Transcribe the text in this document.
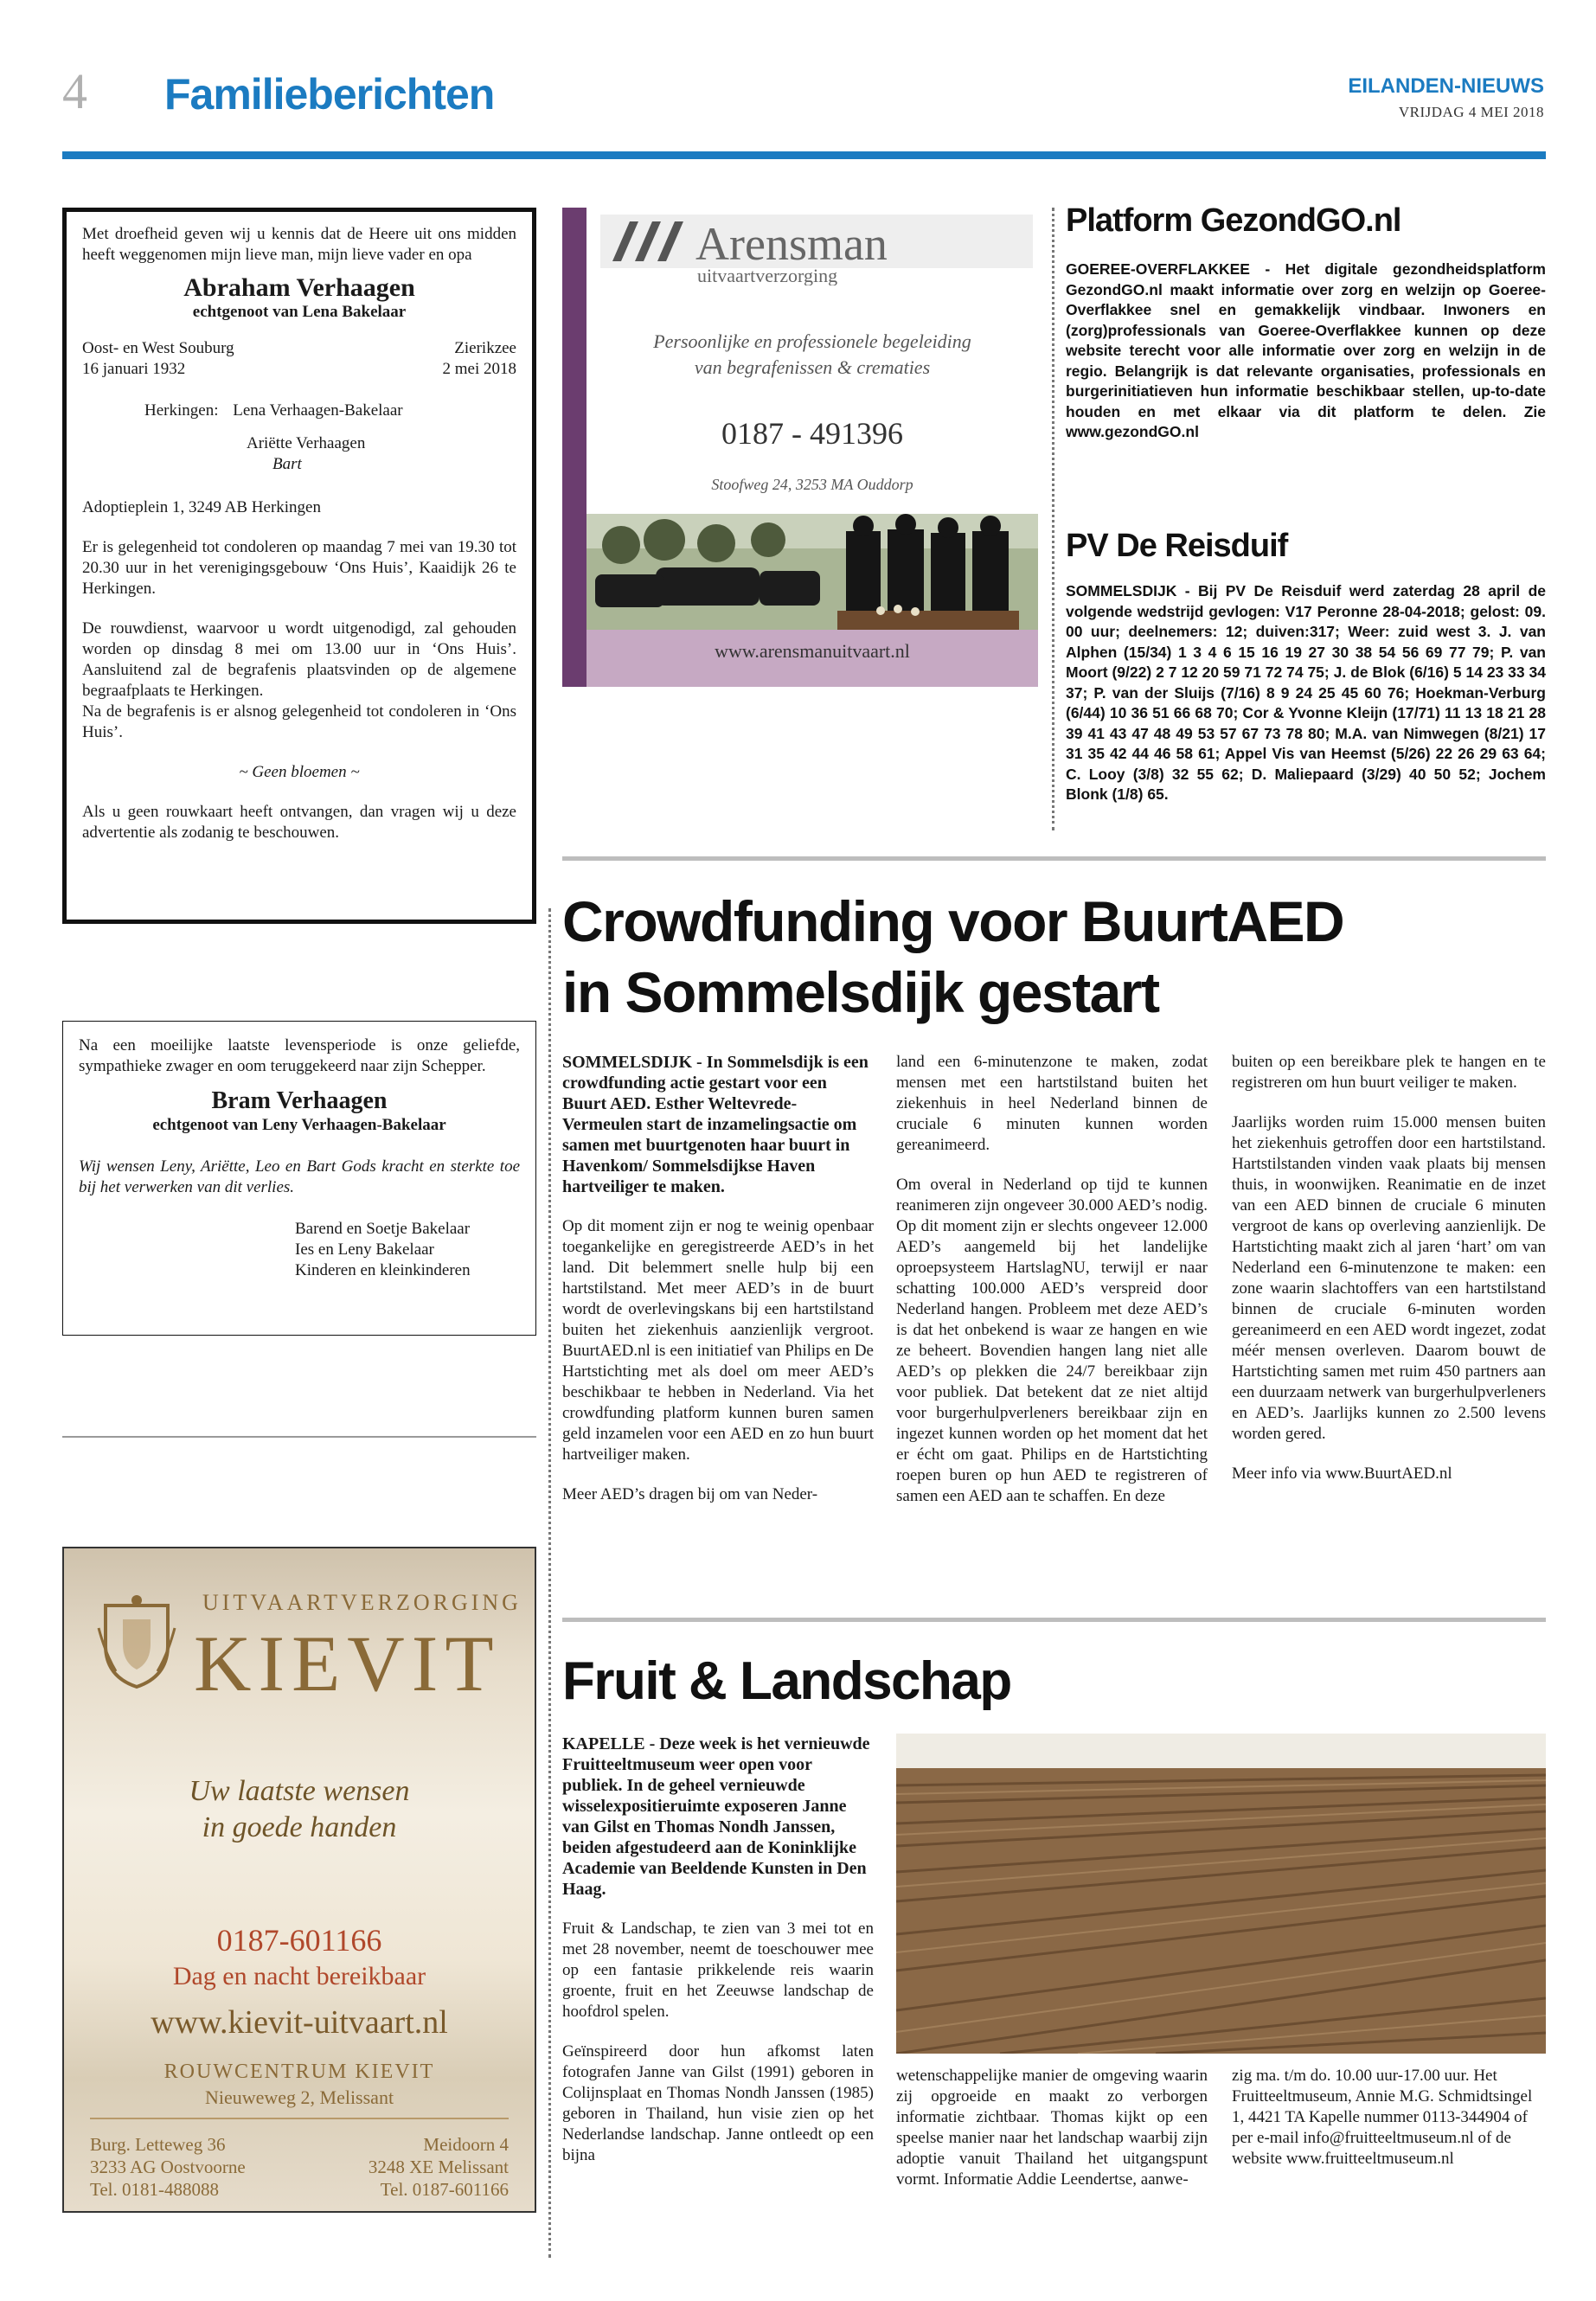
4 Familieberichten	EILANDEN-NIEUWS
VRIJDAG 4 MEI 2018

Met droefheid geven wij u kennis dat de Heere uit ons midden heeft weggenomen mijn lieve man, mijn lieve vader en opa

Abraham Verhaagen
echtgenoot van Lena Bakelaar
Oost- en West Souburg	Zierikzee
16 januari 1932	2 mei 2018
Herkingen: Lena Verhaagen-Bakelaar
Ariëtte Verhaagen
Bart

Adoptieplein 1, 3249 AB Herkingen

Er is gelegenheid tot condoleren op maandag 7 mei van 19.30 tot 20.30 uur in het verenigingsgebouw ‘Ons Huis’, Kaaidijk 26 te Herkingen.

De rouwdienst, waarvoor u wordt uitgenodigd, zal gehouden worden op dinsdag 8 mei om 13.00 uur in ‘Ons Huis’. Aansluitend zal de begrafenis plaatsvinden op de algemene begraafplaats te Herkingen.

Na de begrafenis is er alsnog gelegenheid tot condoleren in ‘Ons Huis’.

~ Geen bloemen ~

Als u geen rouwkaart heeft ontvangen, dan vragen wij u deze advertentie als zodanig te beschouwen.

Na een moeilijke laatste levensperiode is onze geliefde, sympathieke zwager en oom teruggekeerd naar zijn Schepper.

Bram Verhaagen
echtgenoot van Leny Verhaagen-Bakelaar

Wij wensen Leny, Ariëtte, Leo en Bart Gods kracht en sterkte toe bij het verwerken van dit verlies.

Barend en Soetje Bakelaar
Ies en Leny Bakelaar
Kinderen en kleinkinderen
UITVAARTVERZORGING
KIEVIT
Uw laatste wensen
in goede handen
0187-601166
Dag en nacht bereikbaar
www.kievit-uitvaart.nl
ROUWCENTRUM KIEVIT
Nieuweweg 2, Melissant
Burg. Letteweg 36
3233 AG Oostvoorne
Tel. 0181-488088
Meidoorn 4
3248 XE Melissant
Tel. 0187-601166
Arensman
uitvaartverzorging
Persoonlijke en professionele begeleiding
van begrafenissen & crematies
0187 - 491396
Stoofweg 24, 3253 MA Ouddorp
www.arensmanuitvaart.nl
Platform GezondGO.nl
GOEREE-OVERFLAKKEE - Het digitale gezondheidsplatform GezondGO.nl maakt informatie over zorg en welzijn op Goeree-Overflakkee snel en gemakkelijk vindbaar. Inwoners en (zorg)professionals van Goeree-Overflakkee kunnen op deze website terecht voor alle informatie over zorg en welzijn in de regio. Belangrijk is dat relevante organisaties, professionals en burgerinitiatieven hun informatie beschikbaar stellen, up-to-date houden en met elkaar via dit platform te delen. Zie www.gezondGO.nl
PV De Reisduif
SOMMELSDIJK - Bij PV De Reisduif werd zaterdag 28 april de volgende wedstrijd gevlogen: V17 Peronne 28-04-2018; gelost: 09. 00 uur; deelnemers: 12; duiven:317; Weer: zuid west 3. J. van Alphen (15/34) 1 3 4 6 15 16 19 27 30 38 54 56 69 77 79; P. van Moort (9/22) 2 7 12 20 59 71 72 74 75; J. de Blok (6/16) 5 14 23 33 34 37; P. van der Sluijs (7/16) 8 9 24 25 45 60 76; Hoekman-Verburg (6/44) 10 36 51 66 68 70; Cor & Yvonne Kleijn (17/71) 11 13 18 21 28 39 41 43 47 48 49 53 57 67 73 78 80; M.A. van Nimwegen (8/21) 17 31 35 42 44 46 58 61; Appel Vis van Heemst (5/26) 22 26 29 63 64; C. Looy (3/8) 32 55 62; D. Maliepaard (3/29) 40 50 52; Jochem Blonk (1/8) 65.
Crowdfunding voor BuurtAED
in Sommelsdijk gestart

SOMMELSDIJK - In Sommelsdijk is een crowdfunding actie gestart voor een Buurt AED. Esther Weltevrede-Vermeulen start de inzamelingsactie om samen met buurtgenoten haar buurt in Havenkom/ Sommelsdijkse Haven hartveiliger te maken.

Op dit moment zijn er nog te weinig openbaar toegankelijke en geregistreerde AED’s in het land. Dit belemmert snelle hulp bij een hartstilstand. Met meer AED’s in de buurt wordt de overlevingskans bij een hartstilstand buiten het ziekenhuis aanzienlijk vergroot. BuurtAED.nl is een initiatief van Philips en De Hartstichting met als doel om meer AED’s beschikbaar te hebben in Nederland. Via het crowdfunding platform kunnen buren samen geld inzamelen voor een AED en zo hun buurt hartveiliger maken.

Meer AED’s dragen bij om van Neder-

land een 6-minutenzone te maken, zodat mensen met een hartstilstand buiten het ziekenhuis in heel Nederland binnen de cruciale 6 minuten kunnen worden gereanimeerd.

Om overal in Nederland op tijd te kunnen reanimeren zijn ongeveer 30.000 AED’s nodig. Op dit moment zijn er slechts ongeveer 12.000 AED’s aangemeld bij het landelijke oproepsysteem HartslagNU, terwijl er naar schatting 100.000 AED’s verspreid door Nederland hangen. Probleem met deze AED’s is dat het onbekend is waar ze hangen en wie ze beheert. Bovendien hangen lang niet alle AED’s op plekken die 24/7 bereikbaar zijn voor publiek. Dat betekent dat ze niet altijd voor burgerhulpverleners bereikbaar zijn en ingezet kunnen worden op het moment dat het er écht om gaat. Philips en de Hartstichting roepen buren op hun AED te registreren of samen een AED aan te schaffen. En deze

buiten op een bereikbare plek te hangen en te registreren om hun buurt veiliger te maken.

Jaarlijks worden ruim 15.000 mensen buiten het ziekenhuis getroffen door een hartstilstand. Hartstilstanden vinden vaak plaats bij mensen thuis, in woonwijken. Reanimatie en de inzet van een AED binnen de cruciale 6 minuten vergroot de kans op overleving aanzienlijk. De Hartstichting maakt zich al jaren ‘hart’ om van Nederland een 6-minutenzone te maken: een zone waarin slachtoffers van een hartstilstand binnen de cruciale 6-minuten worden gereanimeerd en een AED wordt ingezet, zodat méér mensen overleven. Daarom bouwt de Hartstichting samen met ruim 450 partners aan een duurzaam netwerk van burgerhulpverleners en AED’s. Jaarlijks kunnen zo 2.500 levens worden gered.

Meer info via www.BuurtAED.nl

Fruit & Landschap

KAPELLE - Deze week is het vernieuwde Fruitteeltmuseum weer open voor publiek. In de geheel vernieuwde wisselexpositieruimte exposeren Janne van Gilst en Thomas Nondh Janssen, beiden afgestudeerd aan de Koninklijke Academie van Beeldende Kunsten in Den Haag.

Fruit & Landschap, te zien van 3 mei tot en met 28 november, neemt de toeschouwer mee op een fantasie prikkelende reis waarin groente, fruit en het Zeeuwse landschap de hoofdrol spelen.

Geïnspireerd door hun afkomst laten fotografen Janne van Gilst (1991) geboren in Colijnsplaat en Thomas Nondh Janssen (1985) geboren in Thailand, hun visie zien op het Nederlandse landschap. Janne ontleedt op een bijna

wetenschappelijke manier de omgeving waarin zij opgroeide en maakt zo verborgen informatie zichtbaar. Thomas kijkt op een speelse manier naar het landschap waarbij zijn adoptie vanuit Thailand het uitgangspunt vormt. Informatie Addie Leendertse, aanwe-

zig ma. t/m do. 10.00 uur-17.00 uur. Het Fruitteeltmuseum, Annie M.G. Schmidtsingel 1, 4421 TA Kapelle nummer 0113-344904 of per e-mail info@fruitteeltmuseum.nl of de website www.fruitteeltmuseum.nl
